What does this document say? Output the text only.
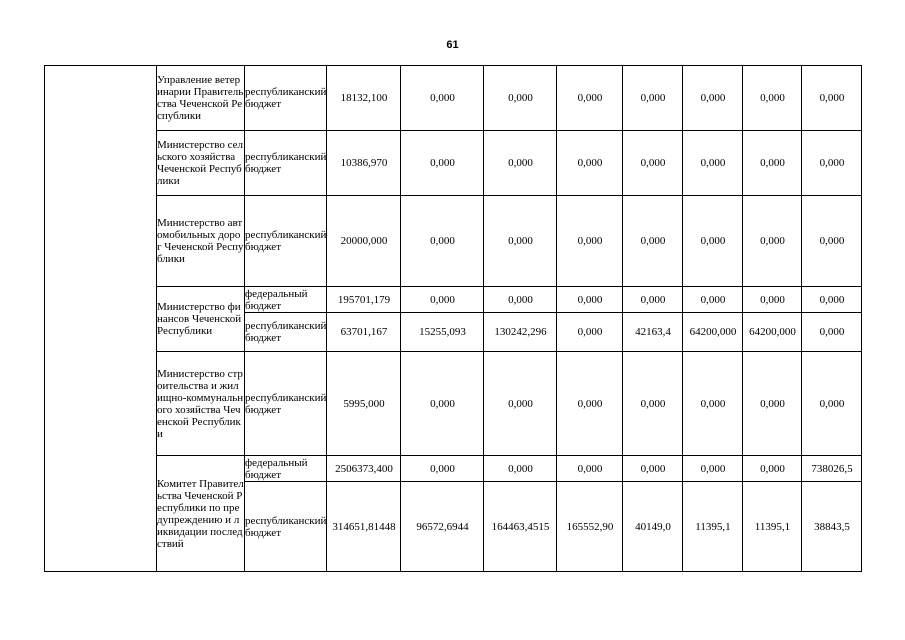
61
	Управление ветеринарии Правительства Чеченской Республики	республиканский бюджет	18132,100	0,000	0,000	0,000	0,000	0,000	0,000	0,000
	Министерство сельского хозяйства Чеченской Республики	республиканский бюджет	10386,970	0,000	0,000	0,000	0,000	0,000	0,000	0,000
	Министерство автомобильных дорог Чеченской Республики	республиканский бюджет	20000,000	0,000	0,000	0,000	0,000	0,000	0,000	0,000
	Министерство финансов Чеченской Республики	федеральный бюджет	195701,179	0,000	0,000	0,000	0,000	0,000	0,000	0,000
		республиканский бюджет	63701,167	15255,093	130242,296	0,000	42163,4	64200,000	64200,000	0,000
	Министерство строительства и жилищно-коммунального хозяйства Чеченской Республики	республиканский бюджет	5995,000	0,000	0,000	0,000	0,000	0,000	0,000	0,000
	Комитет Правительства Чеченской Республики по предупреждению и ликвидации последствий	федеральный бюджет	2506373,400	0,000	0,000	0,000	0,000	0,000	0,000	738026,5
		республиканский бюджет	314651,81448	96572,6944	164463,4515	165552,90	40149,0	11395,1	11395,1	38843,5
